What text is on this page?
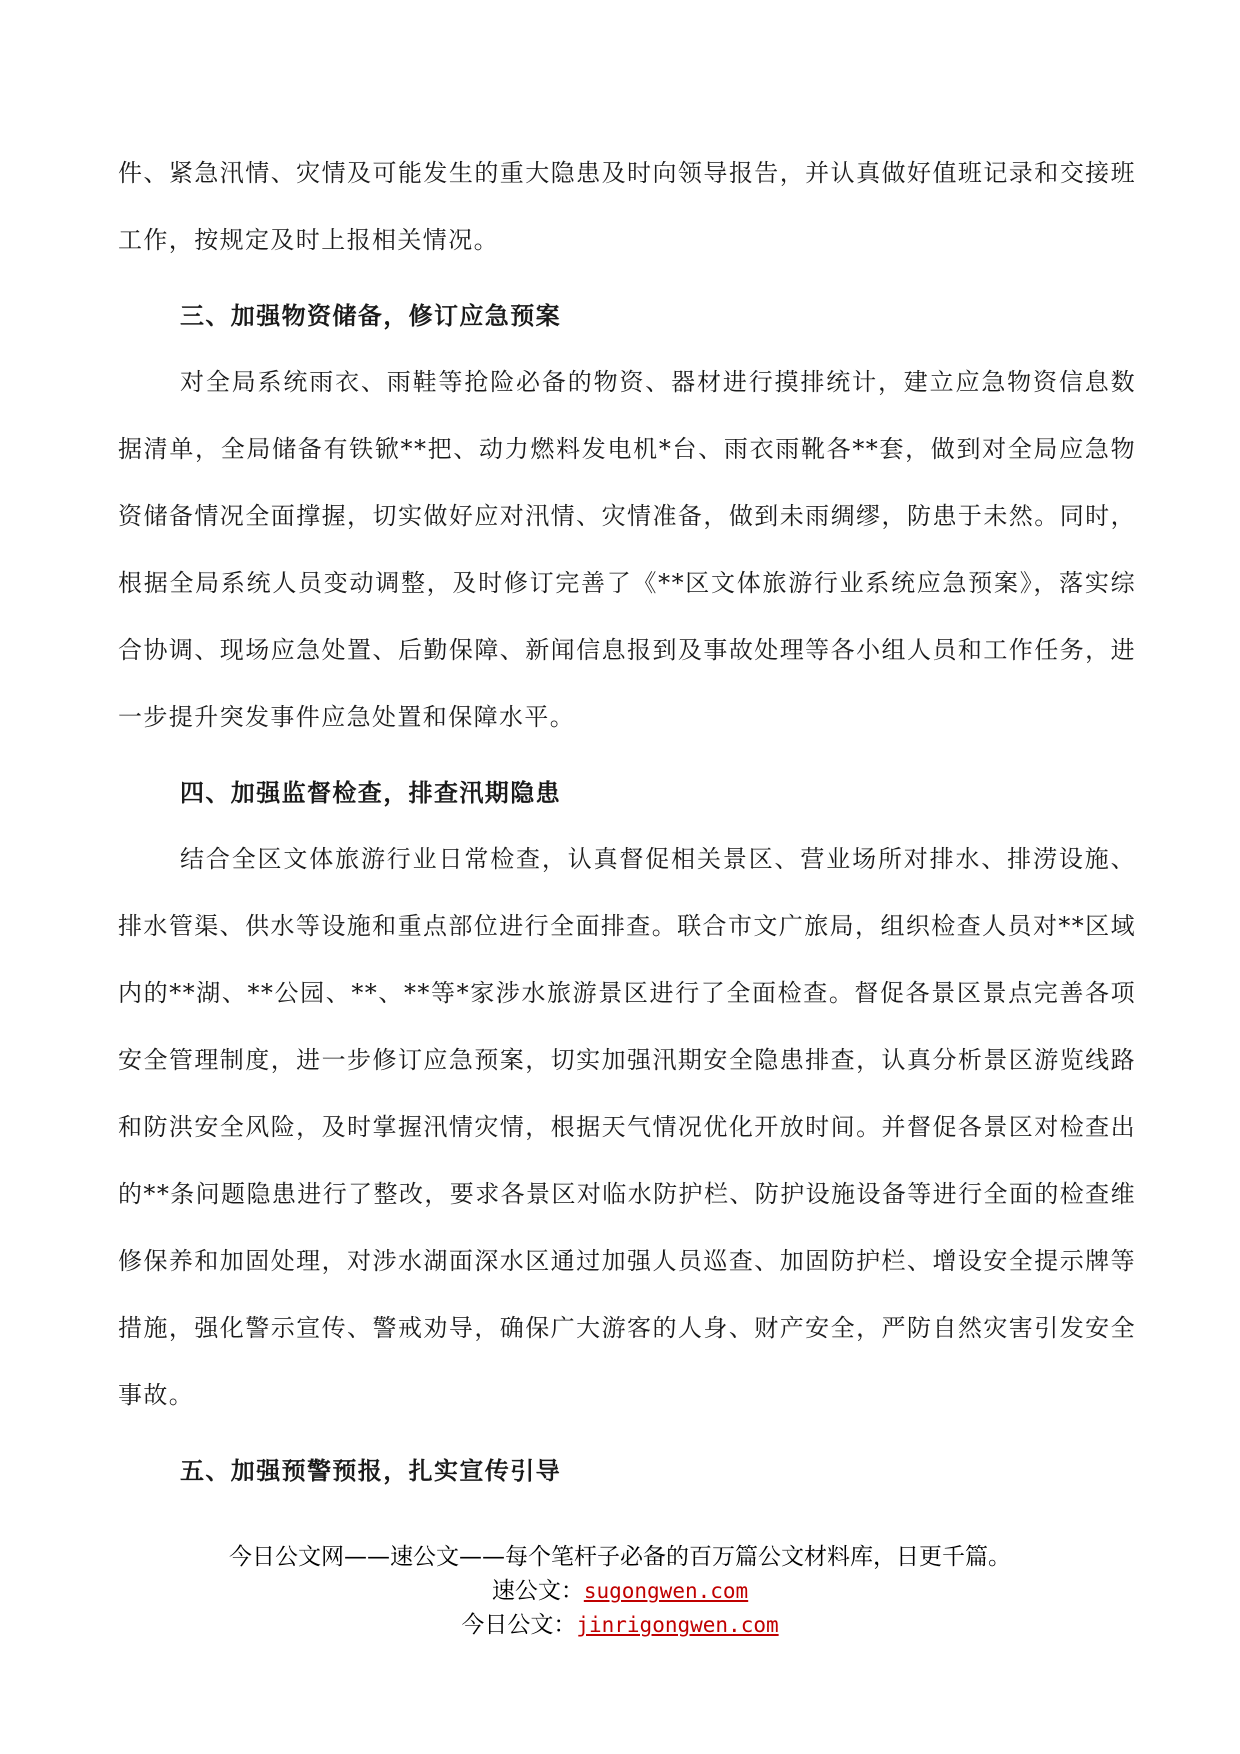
件、紧急汛情、灾情及可能发生的重大隐患及时向领导报告，并认真做好值班记录和交接班工作，按规定及时上报相关情况。

三、加强物资储备，修订应急预案

对全局系统雨衣、雨鞋等抢险必备的物资、器材进行摸排统计，建立应急物资信息数据清单，全局储备有铁锨**把、动力燃料发电机*台、雨衣雨靴各**套，做到对全局应急物资储备情况全面撑握，切实做好应对汛情、灾情准备，做到未雨绸缪，防患于未然。同时，根据全局系统人员变动调整，及时修订完善了《**区文体旅游行业系统应急预案》，落实综合协调、现场应急处置、后勤保障、新闻信息报到及事故处理等各小组人员和工作任务，进一步提升突发事件应急处置和保障水平。

四、加强监督检查，排查汛期隐患

结合全区文体旅游行业日常检查，认真督促相关景区、营业场所对排水、排涝设施、排水管渠、供水等设施和重点部位进行全面排查。联合市文广旅局，组织检查人员对**区域内的**湖、**公园、**、**等*家涉水旅游景区进行了全面检查。督促各景区景点完善各项安全管理制度，进一步修订应急预案，切实加强汛期安全隐患排查，认真分析景区游览线路和防洪安全风险，及时掌握汛情灾情，根据天气情况优化开放时间。并督促各景区对检查出的**条问题隐患进行了整改，要求各景区对临水防护栏、防护设施设备等进行全面的检查维修保养和加固处理，对涉水湖面深水区通过加强人员巡查、加固防护栏、增设安全提示牌等措施，强化警示宣传、警戒劝导，确保广大游客的人身、财产安全，严防自然灾害引发安全事故。

五、加强预警预报，扎实宣传引导
今日公文网——速公文——每个笔杆子必备的百万篇公文材料库，日更千篇。
速公文：sugongwen.com
今日公文：jinrigongwen.com
